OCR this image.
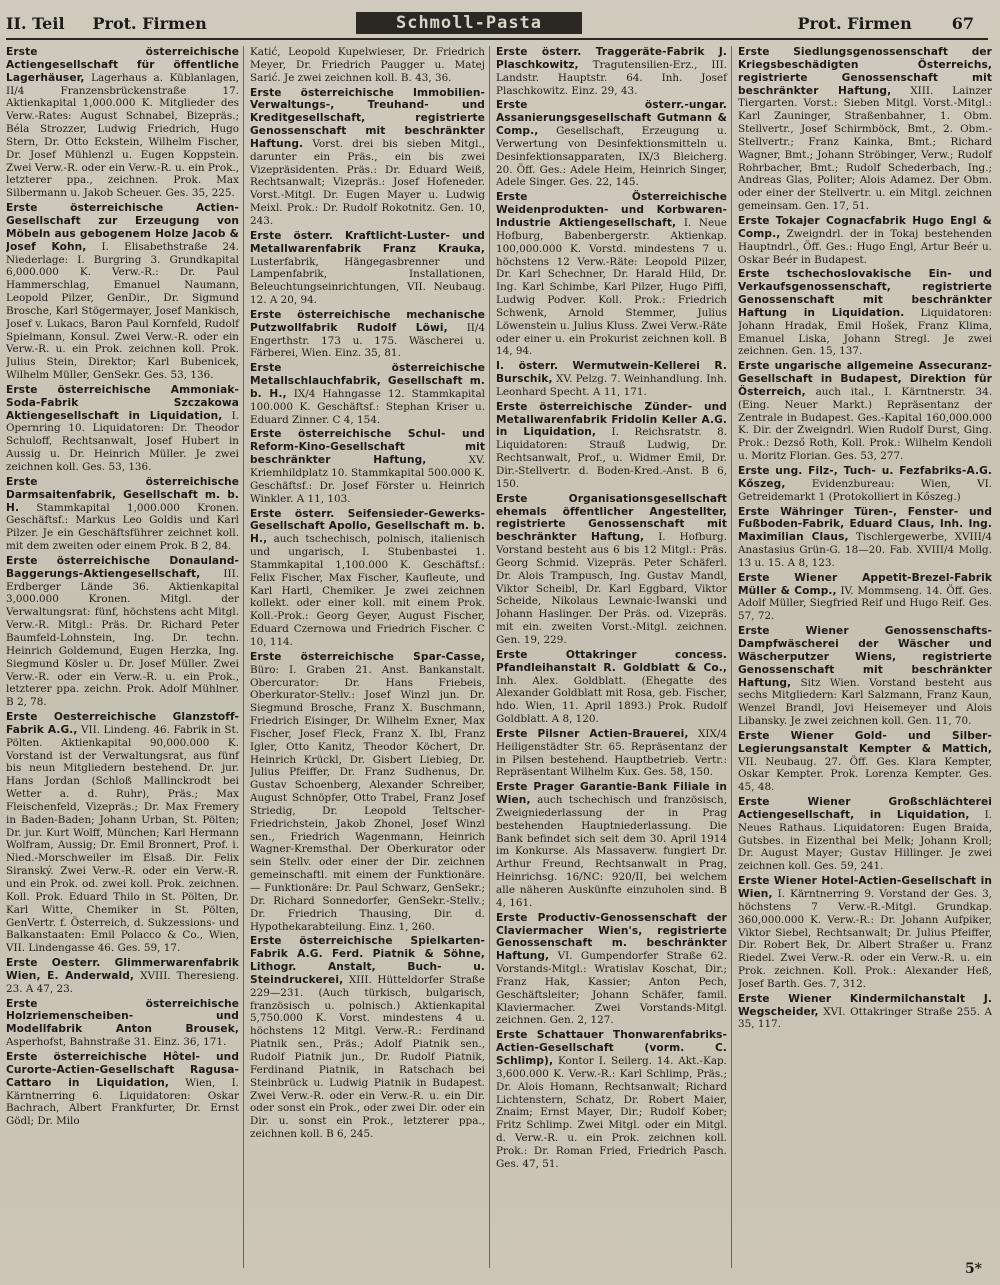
II. Teil Prot. Firmen	Schmoll-Pasta	Prot. Firmen	67

Erste österreichische Actiengesellschaft für öffentliche Lagerhäuser, Lagerhaus a. Küblanlagen, II/4 Franzensbrückenstraße 17. Aktienkapital 1,000.000 K. Mitglieder des Verw.-Rates: August Schnabel, Bizepräs.; Béla Strozzer, Ludwig Friedrich, Hugo Stern, Dr. Otto Eckstein, Wilhelm Fischer, Dr. Josef Mühlenzl u. Eugen Koppstein. Zwei Verw.-R. oder ein Verw.-R. u. ein Prok., letzterer ppa., zeichnen. Prok. Max Silbermann u. Jakob Scheuer. Ges. 35, 225.

Erste österreichische Actien-Gesellschaft zur Erzeugung von Möbeln aus gebogenem Holze Jacob & Josef Kohn, I. Elisabethstraße 24. Niederlage: I. Burgring 3. Grundkapital 6,000.000 K. Verw.-R.: Dr. Paul Hammerschlag, Emanuel Naumann, Leopold Pilzer, GenDir., Dr. Sigmund Brosche, Karl Stögermayer, Josef Mankisch, Josef v. Lukacs, Baron Paul Kornfeld, Rudolf Spielmann, Konsul. Zwei Verw.-R. oder ein Verw.-R. u. ein Prok. zeichnen koll. Prok. Julius Stein, Direktor; Karl Bubenicek, Wilhelm Müller, GenSekr. Ges. 53, 136.

Erste österreichische Ammoniak-Soda-Fabrik Szczakowa Aktiengesellschaft in Liquidation, I. Opernring 10. Liquidatoren: Dr. Theodor Schuloff, Rechtsanwalt, Josef Hubert in Aussig u. Dr. Heinrich Müller. Je zwei zeichnen koll. Ges. 53, 136.

Erste österreichische Darmsaitenfabrik, Gesellschaft m. b. H. Stammkapital 1,000.000 Kronen. Geschäftsf.: Markus Leo Goldis und Karl Pilzer. Je ein Geschäftsführer zeichnet koll. mit dem zweiten oder einem Prok. B 2, 84.

Erste österreichische Donauland-Baggerungs-Aktiengesellschaft, III. Erdberger Lände 36. Aktienkapital 3,000.000 Kronen. Mitgl. der Verwaltungsrat: fünf, höchstens acht Mitgl. Verw.-R. Mitgl.: Präs. Dr. Richard Peter Baumfeld-Lohnstein, Ing. Dr. techn. Heinrich Goldemund, Eugen Herzka, Ing. Siegmund Kösler u. Dr. Josef Müller. Zwei Verw.-R. oder ein Verw.-R. u. ein Prok., letzterer ppa. zeichn. Prok. Adolf Mühlner. B 2, 78.

Erste Oesterreichische Glanzstoff-Fabrik A.G., VII. Lindeng. 46. Fabrik in St. Pölten. Aktienkapital 90,000.000 K. Vorstand ist der Verwaltungsrat, aus fünf bis neun Mitgliedern bestehend. Dr. jur. Hans Jordan (Schloß Mallinckrodt bei Wetter a. d. Ruhr), Präs.; Max Fleischenfeld, Vizepräs.; Dr. Max Fremery in Baden-Baden; Johann Urban, St. Pölten; Dr. jur. Kurt Wolff, München; Karl Hermann Wolfram, Aussig; Dr. Emil Bronnert, Prof. i. Nied.-Morschweiler im Elsaß. Dir. Felix Siranský. Zwei Verw.-R. oder ein Verw.-R. und ein Prok. od. zwei koll. Prok. zeichnen. Koll. Prok. Eduard Thilo in St. Pölten, Dr. Karl Witte, Chemiker in St. Pölten, GenVertr. f. Österreich, d. Sukzessions- und Balkanstaaten: Emil Polacco & Co., Wien, VII. Lindengasse 46. Ges. 59, 17.

Erste Oesterr. Glimmerwarenfabrik Wien, E. Anderwald, XVIII. Theresieng. 23. A 47, 23.

Erste österreichische Holzriemenscheiben- und Modellfabrik Anton Brousek, Asperhofst, Bahnstraße 31. Einz. 36, 171.

Erste österreichische Hôtel- und Curorte-Actien-Gesellschaft Ragusa-Cattaro in Liquidation, Wien, I. Kärntnerring 6. Liquidatoren: Oskar Bachrach, Albert Frankfurter, Dr. Ernst Gödl; Dr. Milo

Katić, Leopold Kupelwieser, Dr. Friedrich Meyer, Dr. Friedrich Paugger u. Matej Sarić. Je zwei zeichnen koll. B. 43, 36.

Erste österreichische Immobilien-Verwaltungs-, Treuhand- und Kreditgesellschaft, registrierte Genossenschaft mit beschränkter Haftung. Vorst. drei bis sieben Mitgl., darunter ein Präs., ein bis zwei Vizepräsidenten. Präs.: Dr. Eduard Weiß, Rechtsanwalt; Vizepräs.: Josef Hofeneder. Vorst.-Mitgl. Dr. Eugen Mayer u. Ludwig Meixl. Prok.: Dr. Rudolf Rokotnitz. Gen. 10, 243.

Erste österr. Kraftlicht-Luster- und Metallwarenfabrik Franz Krauka, Lusterfabrik, Hängegasbrenner und Lampenfabrik, Installationen, Beleuchtungseinrichtungen, VII. Neubaug. 12. A 20, 94.

Erste österreichische mechanische Putzwollfabrik Rudolf Löwi, II/4 Engerthstr. 173 u. 175. Wäscherei u. Färberei, Wien. Einz. 35, 81.

Erste österreichische Metallschlauchfabrik, Gesellschaft m. b. H., IX/4 Hahngasse 12. Stammkapital 100.000 K. Geschäftsf.: Stephan Kriser u. Eduard Zinner. C 4, 154.

Erste österreichische Schul- und Reform-Kino-Gesellschaft mit beschränkter Haftung,	XV. Kriemhildplatz 10. Stammkapital 500.000 K. Geschäftsf.: Dr. Josef Förster u. Heinrich Winkler. A 11, 103.

Erste österr. Seifensieder-Gewerks-Gesellschaft Apollo, Gesellschaft m. b. H., auch tschechisch, polnisch, italienisch und ungarisch, I. Stubenbastei 1. Stammkapital 1,100.000 K. Geschäftsf.: Felix Fischer, Max Fischer, Kaufleute, und Karl Hartl, Chemiker. Je zwei zeichnen kollekt. oder einer koll. mit einem Prok. Koll.-Prok.: Georg Geyer, August Fischer, Eduard Czernowa und Friedrich Fischer. C 10, 114.

Erste österreichische Spar-Casse, Büro: I. Graben 21. Anst. Bankanstalt. Obercurator: Dr. Hans Friebeis, Oberkurator-Stellv.: Josef Winzl jun. Dr. Siegmund Brosche, Franz X. Buschmann, Friedrich Eisinger, Dr. Wilhelm Exner, Max Fischer, Josef Fleck, Franz X. Ibl, Franz Igler, Otto Kanitz, Theodor Köchert, Dr. Heinrich Krückl, Dr. Gisbert Liebieg, Dr. Julius Pfeiffer, Dr. Franz Sudhenus, Dr. Gustav Schoenberg, Alexander Schreiber, August Schnöpfer, Otto Trabel, Franz Josef Striedig, Dr. Leopold Teltscher-Friedrichstein, Jakob Zhonel, Josef Winzl sen., Friedrich Wagenmann, Heinrich Wagner-Kremsthal. Der Oberkurator oder sein Stellv. oder einer der Dir. zeichnen gemeinschaftl. mit einem der Funktionäre. — Funktionäre: Dr. Paul Schwarz, GenSekr.; Dr. Richard Sonnedorfer, GenSekr.-Stellv.; Dr. Friedrich Thausing, Dir. d. Hypothekarabteilung. Einz. 1, 260.

Erste österreichische Spielkarten-Fabrik A.G. Ferd. Piatnik & Söhne, Lithogr. Anstalt, Buch- u. Steindruckerei, XIII. Hütteldorfer Straße 229—231. (Auch türkisch, bulgarisch, französisch u. polnisch.) Aktienkapital 5,750.000 K. Vorst. mindestens 4 u. höchstens 12 Mitgl. Verw.-R.: Ferdinand Piatnik sen., Präs.; Adolf Piatnik sen., Rudolf Piatnik jun., Dr. Rudolf Piatnik, Ferdinand Piatnik, in Ratschach bei Steinbrück u. Ludwig Piatnik in Budapest. Zwei Verw.-R. oder ein Verw.-R. u. ein Dir. oder sonst ein Prok., oder zwei Dir. oder ein Dir. u. sonst ein Prok., letzterer ppa., zeichnen koll. B 6, 245.

Erste österr. Traggeräte-Fabrik J. Plaschkowitz, Tragutensilien-Erz., III. Landstr. Hauptstr. 64. Inh. Josef Plaschkowitz. Einz. 29, 43.

Erste österr.-ungar. Assanierungsgesellschaft Gutmann & Comp., Gesellschaft, Erzeugung u. Verwertung von Desinfektionsmitteln u. Desinfektionsapparaten, IX/3 Bleicherg. 20. Öff. Ges.: Adele Heim, Heinrich Singer, Adele Singer. Ges. 22, 145.

Erste Österreichische Weidenprodukten- und Korbwaren-Industrie Aktiengesellschaft, I. Neue Hofburg, Babenbergerstr. Aktienkap. 100,000.000 K. Vorstd. mindestens 7 u. höchstens 12 Verw.-Räte: Leopold Pilzer, Dr. Karl Schechner, Dr. Harald Hild, Dr. Ing. Karl Schimbe, Karl Pilzer, Hugo Piffl, Ludwig Podver. Koll. Prok.: Friedrich Schwenk, Arnold Stemmer, Julius Löwenstein u. Julius Kluss. Zwei Verw.-Räte oder einer u. ein Prokurist zeichnen koll. B 14, 94.

I. österr. Wermutwein-Kellerei R. Burschik, XV. Pelzg. 7. Weinhandlung. Inh. Leonhard Specht. A 11, 171.

Erste österreichische Zünder- und Metallwarenfabrik Fridolin Keller A.G. in Liquidation, I. Reichsratstr. 8. Liquidatoren: Strauß Ludwig, Dr. Rechtsanwalt, Prof., u. Widmer Emil, Dr. Dir.-Stellvertr. d. Boden-Kred.-Anst. B 6, 150.

Erste Organisationsgesellschaft ehemals öffentlicher Angestellter, registrierte Genossenschaft mit beschränkter Haftung, I. Hofburg. Vorstand besteht aus 6 bis 12 Mitgl.: Präs. Georg Schmid. Vizepräs. Peter Schäferl. Dr. Alois Trampusch, Ing. Gustav Mandl, Viktor Scheibl, Dr. Karl Eggbard, Viktor Scheide, Nikolaus Lewnaic-Iwanski und Johann Haslinger. Der Präs. od. Vizepräs. mit ein. zweiten Vorst.-Mitgl. zeichnen. Gen. 19, 229.

Erste Ottakringer concess. Pfandleihanstalt R. Goldblatt & Co., Inh. Alex. Goldblatt. (Ehegatte des Alexander Goldblatt mit Rosa, geb. Fischer, hdo. Wien, 11. April 1893.) Prok. Rudolf Goldblatt. A 8, 120.

Erste Pilsner Actien-Brauerei, XIX/4 Heiligenstädter Str. 65. Repräsentanz der in Pilsen bestehend. Hauptbetrieb. Vertr.: Repräsentant Wilhelm Kux. Ges. 58, 150.

Erste Prager Garantie-Bank Filiale in Wien, auch tschechisch und französisch, Zweigniederlassung der in Prag bestehenden Hauptniederlassung. Die Bank befindet sich seit dem 30. April 1914 im Konkurse. Als Massaverw. fungiert Dr. Arthur Freund, Rechtsanwalt in Prag, Heinrichsg. 16/NC: 920/II, bei welchem alle näheren Auskünfte einzuholen sind. B 4, 161.

Erste Productiv-Genossenschaft der Claviermacher Wien's, registrierte Genossenschaft m. beschränkter Haftung, VI. Gumpendorfer Straße 62. Vorstands-Mitgl.: Wratislav Koschat, Dir.; Franz Hak, Kassier; Anton Pech, Geschäftsleiter; Johann Schäfer, famil. Klaviermacher. Zwei Vorstands-Mitgl. zeichnen. Gen. 2, 127.

Erste Schattauer Thonwarenfabriks-Actien-Gesellschaft (vorm. C. Schlimp), Kontor I. Seilerg. 14. Akt.-Kap. 3,600.000 K. Verw.-R.: Karl Schlimp, Präs.; Dr. Alois Homann, Rechtsanwalt; Richard Lichtenstern, Schatz, Dr. Robert Maier, Znaim; Ernst Mayer, Dir.; Rudolf Kober; Fritz Schlimp. Zwei Mitgl. oder ein Mitgl. d. Verw.-R. u. ein Prok. zeichnen koll. Prok.: Dr. Roman Fried, Friedrich Pasch. Ges. 47, 51.

Erste Siedlungsgenossenschaft der Kriegsbeschädigten Österreichs, registrierte Genossenschaft mit beschränkter Haftung, XIII. Lainzer Tiergarten. Vorst.: Sieben Mitgl. Vorst.-Mitgl.: Karl Zauninger, Straßenbahner, 1. Obm. Stellvertr., Josef Schirmböck, Bmt., 2. Obm.-Stellvertr.; Franz Kainka, Bmt.; Richard Wagner, Bmt.; Johann Ströbinger, Verw.; Rudolf Rohrbacher, Bmt.; Rudolf Schederbach, Ing.; Andreas Glas, Politer; Alois Adamez. Der Obm. oder einer der Stellvertr. u. ein Mitgl. zeichnen gemeinsam. Gen. 17, 51.

Erste Tokajer Cognacfabrik Hugo Engl & Comp., Zweigndrl. der in Tokaj bestehenden Hauptndrl., Öff. Ges.: Hugo Engl, Artur Beér u. Oskar Beér in Budapest.

Erste tschechoslovakische Ein- und Verkaufsgenossenschaft, registrierte Genossenschaft mit beschränkter Haftung in Liquidation. Liquidatoren: Johann Hradak, Emil Hošek, Franz Klima, Emanuel Liska, Johann Stregl. Je zwei zeichnen. Gen. 15, 137.

Erste ungarische allgemeine Assecuranz-Gesellschaft in Budapest, Direktion für Österreich, auch ital., I. Kärntnerstr. 34. (Eing. Neuer Markt.) Repräsentanz der Zentrale in Budapest. Ges.-Kapital 160,000.000 K. Dir. der Zweigndrl. Wien Rudolf Durst, Ging. Prok.: Dezső Roth, Koll. Prok.: Wilhelm Kendoli u. Moritz Florian. Ges. 53, 277.

Erste ung. Filz-, Tuch- u. Fezfabriks-A.G. Kőszeg,	Evidenzbureau: Wien, VI. Getreidemarkt 1 (Protokolliert in Kőszeg.)

Erste Währinger Türen-, Fenster- und Fußboden-Fabrik, Eduard Claus, Inh. Ing. Maximilian Claus, Tischlergewerbe, XVIII/4 Anastasius Grün-G. 18—20. Fab. XVIII/4 Mollg. 13 u. 15. A 8, 123.

Erste Wiener Appetit-Brezel-Fabrik Müller & Comp., IV. Mommseng. 14. Öff. Ges. Adolf Müller, Siegfried Reif und Hugo Reif. Ges. 57, 72.

Erste Wiener Genossenschafts-Dampfwäscherei der Wäscher und Wäscherputzer Wiens, registrierte Genossenschaft mit beschränkter Haftung, Sitz Wien. Vorstand besteht aus sechs Mitgliedern: Karl Salzmann, Franz Kaun, Wenzel Brandl, Jovi Heisemeyer und Alois Libansky. Je zwei zeichnen koll. Gen. 11, 70.

Erste Wiener Gold- und Silber-Legierungsanstalt Kempter & Mattich, VII. Neubaug. 27. Öff. Ges. Klara Kempter, Oskar Kempter. Prok. Lorenza Kempter. Ges. 45, 48.

Erste Wiener Großschlächterei Actiengesellschaft, in Liquidation, I. Neues Rathaus. Liquidatoren: Eugen Braida, Gutsbes. in Eizenthal bei Melk; Johann Kroll; Dr. August Mayer; Gustav Hillinger. Je zwei zeichnen koll. Ges. 59, 241.

Erste Wiener Hotel-Actien-Gesellschaft in Wien, I. Kärntnerring 9. Vorstand der Ges. 3, höchstens 7 Verw.-R.-Mitgl. Grundkap. 360,000.000 K. Verw.-R.: Dr. Johann Aufpiker, Viktor Siebel, Rechtsanwalt; Dr. Julius Pfeiffer, Dir. Robert Bek, Dr. Albert Straßer u. Franz Riedel. Zwei Verw.-R. oder ein Verw.-R. u. ein Prok. zeichnen. Koll. Prok.: Alexander Heß, Josef Barth. Ges. 7, 312.

Erste Wiener Kindermilchanstalt J. Wegscheider, XVI. Ottakringer Straße 255. A 35, 117.

5*
